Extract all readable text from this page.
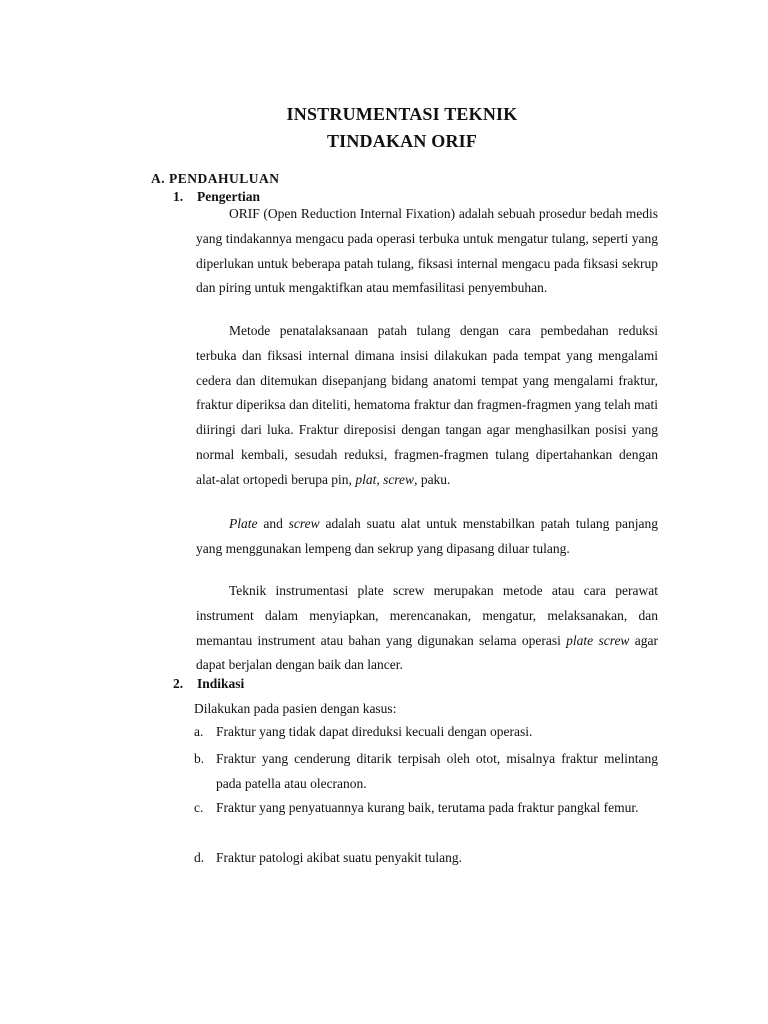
INSTRUMENTASI TEKNIK
TINDAKAN ORIF
A. PENDAHULUAN
1. Pengertian

ORIF (Open Reduction Internal Fixation) adalah sebuah prosedur bedah medis yang tindakannya mengacu pada operasi terbuka untuk mengatur tulang, seperti yang diperlukan untuk beberapa patah tulang, fiksasi internal mengacu pada fiksasi sekrup dan piring untuk mengaktifkan atau memfasilitasi penyembuhan.

Metode penatalaksanaan patah tulang dengan cara pembedahan reduksi terbuka dan fiksasi internal dimana insisi dilakukan pada tempat yang mengalami cedera dan ditemukan disepanjang bidang anatomi tempat yang mengalami fraktur, fraktur diperiksa dan diteliti, hematoma fraktur dan fragmen-fragmen yang telah mati diiringi dari luka. Fraktur direposisi dengan tangan agar menghasilkan posisi yang normal kembali, sesudah reduksi, fragmen-fragmen tulang dipertahankan dengan alat-alat ortopedi berupa pin, plat, screw, paku.

Plate and screw adalah suatu alat untuk menstabilkan patah tulang panjang yang menggunakan lempeng dan sekrup yang dipasang diluar tulang.

Teknik instrumentasi plate screw merupakan metode atau cara perawat instrument dalam menyiapkan, merencanakan, mengatur, melaksanakan, dan memantau instrument atau bahan yang digunakan selama operasi plate screw agar dapat berjalan dengan baik dan lancer.

2. Indikasi
Dilakukan pada pasien dengan kasus:
a. Fraktur yang tidak dapat direduksi kecuali dengan operasi.
b. Fraktur yang cenderung ditarik terpisah oleh otot, misalnya fraktur melintang pada patella atau olecranon.
c. Fraktur yang penyatuannya kurang baik, terutama pada fraktur pangkal femur.
d. Fraktur patologi akibat suatu penyakit tulang.
